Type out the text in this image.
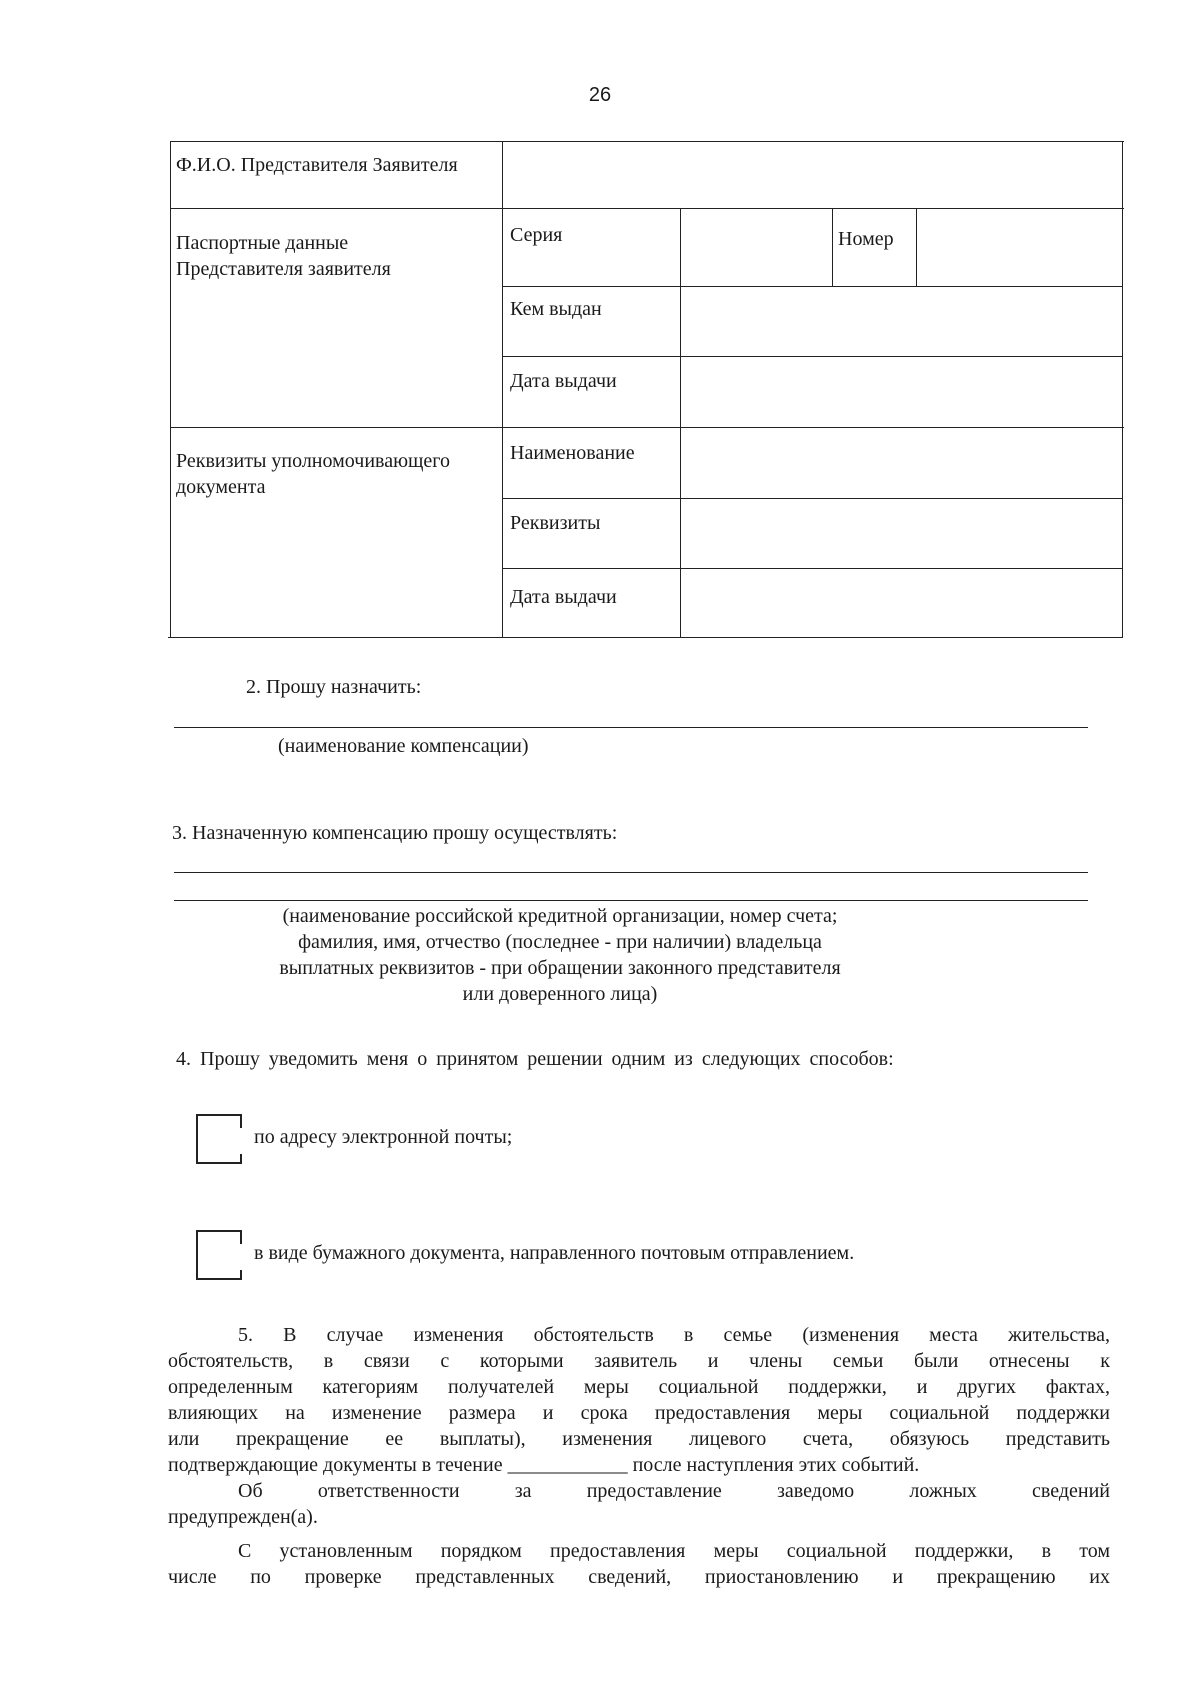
26
Ф.И.О. Представителя Заявителя
Паспортные данные
Представителя заявителя
Серия	Номер
Кем выдан
Дата выдачи
Реквизиты уполномочивающего
документа
Наименование
Реквизиты
Дата выдачи
2. Прошу назначить:
(наименование компенсации)
3. Назначенную компенсацию прошу осуществлять:
(наименование российской кредитной организации, номер счета;
фамилия, имя, отчество (последнее - при наличии) владельца
выплатных реквизитов - при обращении законного представителя
или доверенного лица)
4. Прошу уведомить меня о принятом решении одним из следующих способов:
по адресу электронной почты;
в виде бумажного документа, направленного почтовым отправлением.
5. В случае изменения обстоятельств в семье (изменения места жительства,
обстоятельств, в связи с которыми заявитель и члены семьи были отнесены к
определенным категориям получателей меры социальной поддержки, и других фактах,
влияющих на изменение размера и срока предоставления меры социальной поддержки
или прекращение ее выплаты), изменения лицевого счета, обязуюсь представить
подтверждающие документы в течение ____________ после наступления этих событий.
Об ответственности за предоставление заведомо ложных сведений
предупрежден(а).
С установленным порядком предоставления меры социальной поддержки, в том
числе по проверке представленных сведений, приостановлению и прекращению их
